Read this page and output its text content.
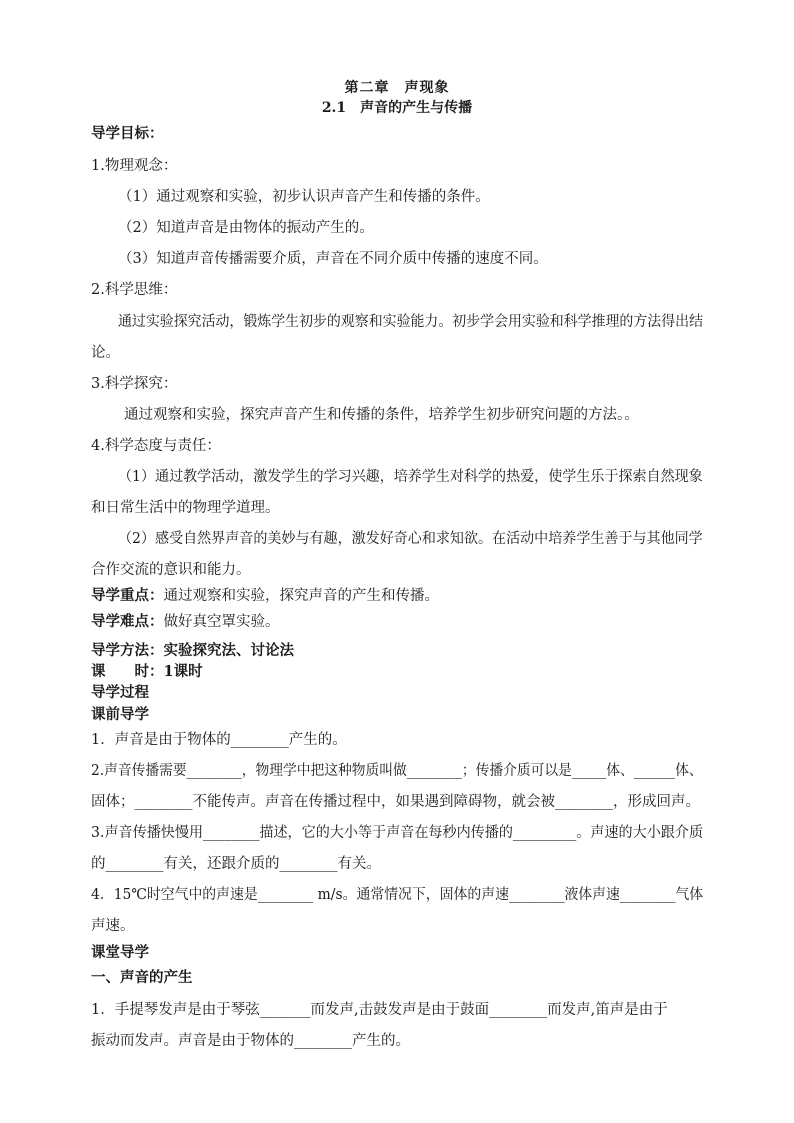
第二章　声现象
2.1　声音的产生与传播
导学目标：
1.物理观念：
（1）通过观察和实验，初步认识声音产生和传播的条件。
（2）知道声音是由物体的振动产生的。
（3）知道声音传播需要介质，声音在不同介质中传播的速度不同。
2.科学思维：
通过实验探究活动，锻炼学生初步的观察和实验能力。初步学会用实验和科学推理的方法得出结
论。
3.科学探究：
通过观察和实验，探究声音产生和传播的条件，培养学生初步研究问题的方法。。
4.科学态度与责任：
（1）通过教学活动，激发学生的学习兴趣，培养学生对科学的热爱，使学生乐于探索自然现象
和日常生活中的物理学道理。
（2）感受自然界声音的美妙与有趣，激发好奇心和求知欲。在活动中培养学生善于与其他同学
合作交流的意识和能力。
导学重点：通过观察和实验，探究声音的产生和传播。
导学难点：做好真空罩实验。
导学方法：实验探究法、讨论法
课　　时：1课时
导学过程
课前导学
1．声音是由于物体的________产生的。
2.声音传播需要________，物理学中把这种物质叫做________；传播介质可以是_____体、______体、
固体；________不能传声。声音在传播过程中，如果遇到障碍物，就会被________，形成回声。
3.声音传播快慢用________描述，它的大小等于声音在每秒内传播的_________。声速的大小跟介质
的________有关，还跟介质的________有关。
4．15℃时空气中的声速是________ m/s。通常情况下，固体的声速________液体声速________气体
声速。
课堂导学
一、声音的产生
1．手提琴发声是由于琴弦_______而发声,击鼓发声是由于鼓面________而发声,笛声是由于
振动而发声。声音是由于物体的________产生的。
